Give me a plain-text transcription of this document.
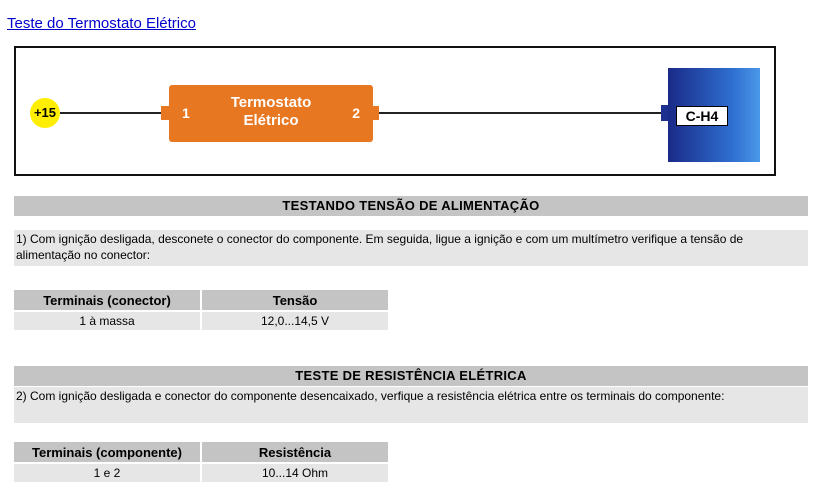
Teste do Termostato Elétrico
+15	1
Termostato
Elétrico	2	C-H4
TESTANDO TENSÃO DE ALIMENTAÇÃO
1) Com ignição desligada, desconete o conector do componente. Em seguida, ligue a ignição e com um multímetro verifique a tensão de alimentação no conector:
Terminais (conector)	Tensão
1 à massa	12,0...14,5 V
TESTE DE RESISTÊNCIA ELÉTRICA
2) Com ignição desligada e conector do componente desencaixado, verfique a resistência elétrica entre os terminais do componente:
Terminais (componente)	Resistência
1 e 2	10...14 Ohm
